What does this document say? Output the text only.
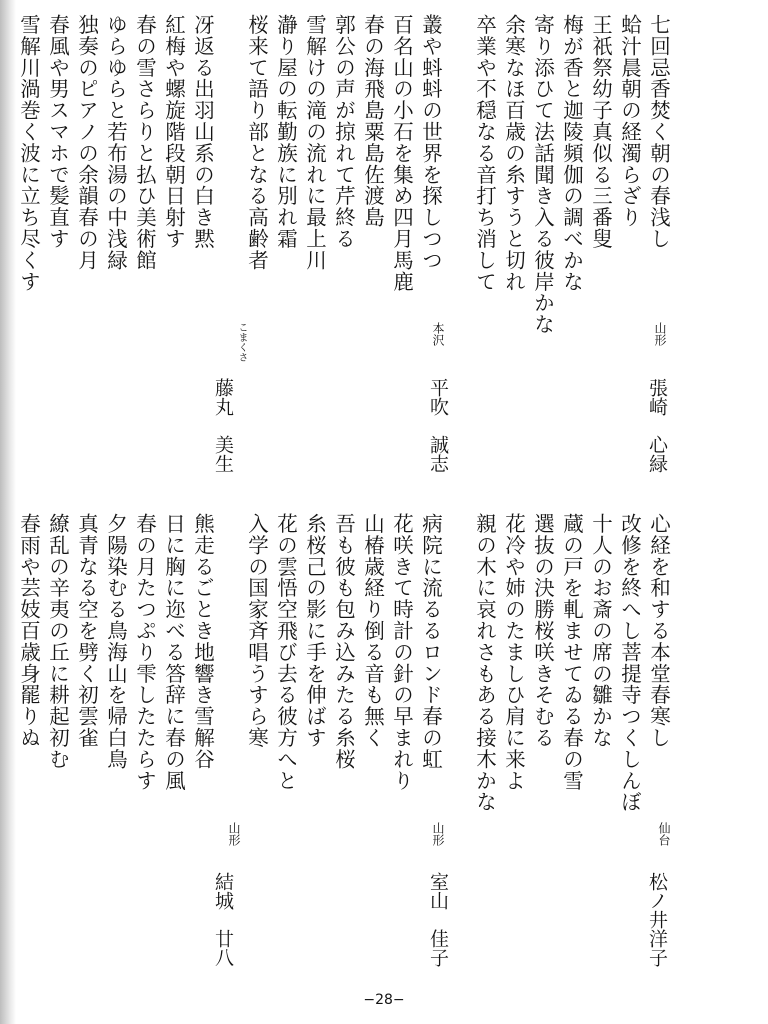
七回忌香焚く朝の春浅し
蛤汁晨朝の経濁らざり
王祇祭幼子真似る三番叟
梅が香と迦陵頻伽の調べかな
寄り添ひて法話聞き入る彼岸かな
余寒なほ百歳の糸すうと切れ
卒業や不穏なる音打ち消して
山形
張崎　心緑
叢や蚪蚪の世界を探しつつ
百名山の小石を集め四月馬鹿
春の海飛島粟島佐渡島
郭公の声が掠れて芹終る
雪解けの滝の流れに最上川
瀞り屋の転勤族に別れ霜
桜来て語り部となる高齢者
本沢
平吹　誠志
冴返る出羽山系の白き黙
紅梅や螺旋階段朝日射す
春の雪さらりと払ひ美術館
ゆらゆらと若布湯の中浅緑
独奏のピアノの余韻春の月
春風や男スマホで髪直す
雪解川渦巻く波に立ち尽くす
こまくさ
藤丸　美生
心経を和する本堂春寒し
改修を終へし菩提寺つくしんぼ
十人のお斎の席の雛かな
蔵の戸を軋ませてゐる春の雪
選抜の決勝桜咲きそむる
花冷や姉のたましひ肩に来よ
親の木に哀れさもある接木かな
仙台
松ノ井洋子
病院に流るるロンド春の虹
花咲きて時計の針の早まれり
山椿歳経り倒る音も無く
吾も彼も包み込みたる糸桜
糸桜己の影に手を伸ばす
花の雲悟空飛び去る彼方へと
入学の国家斉唱うすら寒
山形
室山　佳子
熊走るごとき地響き雪解谷
日に胸に迩べる答辞に春の風
春の月たつぷり雫したたらす
夕陽染むる鳥海山を帰白鳥
真青なる空を劈く初雲雀
繚乱の辛夷の丘に耕起初む
春雨や芸妓百歳身罷りぬ
山形
結城　廿八
−28−
